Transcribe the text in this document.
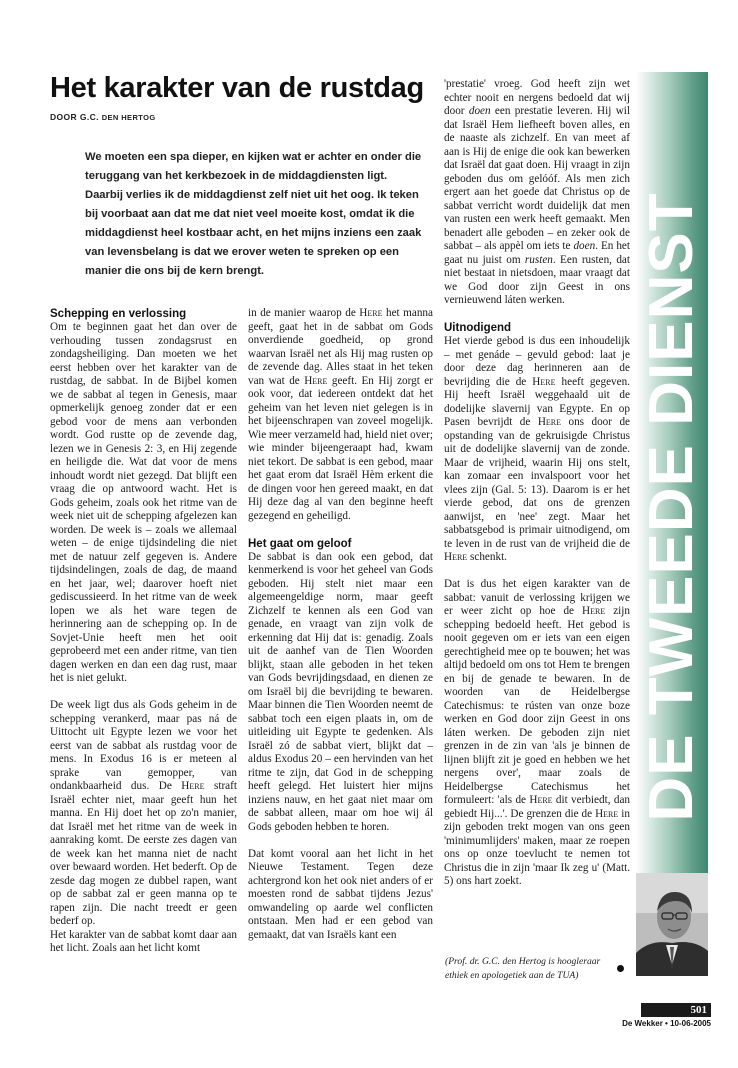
Het karakter van de rustdag
DOOR G.C. DEN HERTOG

We moeten een spa dieper, en kijken wat er achter en onder die teruggang van het kerkbezoek in de middagdiensten ligt. Daarbij verlies ik de middagdienst zelf niet uit het oog. Ik teken bij voorbaat aan dat me dat niet veel moeite kost, omdat ik die middagdienst heel kostbaar acht, en het mijns inziens een zaak van levensbelang is dat we erover weten te spreken op een manier die ons bij de kern brengt.

Schepping en verlossing

Om te beginnen gaat het dan over de verhouding tussen zondagsrust en zondagsheiliging. Dan moeten we het eerst hebben over het karakter van de rustdag, de sabbat. In de Bijbel komen we de sabbat al tegen in Genesis, maar opmerkelijk genoeg zonder dat er een gebod voor de mens aan verbonden wordt. God rustte op de zevende dag, lezen we in Genesis 2: 3, en Hij zegende en heiligde die. Wat dat voor de mens inhoudt wordt niet gezegd. Dat blijft een vraag die op antwoord wacht. Het is Gods geheim, zoals ook het ritme van de week niet uit de schepping afgelezen kan worden. De week is – zoals we allemaal weten – de enige tijdsindeling die niet met de natuur zelf gegeven is. Andere tijdsindelingen, zoals de dag, de maand en het jaar, wel; daarover hoeft niet gediscussieerd. In het ritme van de week lopen we als het ware tegen de herinnering aan de schepping op. In de Sovjet-Unie heeft men het ooit geprobeerd met een ander ritme, van tien dagen werken en dan een dag rust, maar het is niet gelukt.

De week ligt dus als Gods geheim in de schepping verankerd, maar pas ná de Uittocht uit Egypte lezen we voor het eerst van de sabbat als rustdag voor de mens. In Exodus 16 is er meteen al sprake van gemopper, van ondankbaarheid dus. De Here straft Israël echter niet, maar geeft hun het manna. En Hij doet het op zo'n manier, dat Israël met het ritme van de week in aanraking komt. De eerste zes dagen van de week kan het manna niet de nacht over bewaard worden. Het bederft. Op de zesde dag mogen ze dubbel rapen, want op de sabbat zal er geen manna op te rapen zijn. Die nacht treedt er geen bederf op.

Het karakter van de sabbat komt daar aan het licht. Zoals aan het licht komt

in de manier waarop de Here het manna geeft, gaat het in de sabbat om Gods onverdiende goedheid, op grond waarvan Israël net als Hij mag rusten op de zevende dag. Alles staat in het teken van wat de Here geeft. En Hij zorgt er ook voor, dat iedereen ontdekt dat het geheim van het leven niet gelegen is in het bijeenschrapen van zoveel mogelijk. Wie meer verzameld had, hield niet over; wie minder bijeengeraapt had, kwam niet tekort. De sabbat is een gebod, maar het gaat erom dat Israël Hèm erkent die de dingen voor hen gereed maakt, en dat Hij deze dag al van den beginne heeft gezegend en geheiligd.

Het gaat om geloof

De sabbat is dan ook een gebod, dat kenmerkend is voor het geheel van Gods geboden. Hij stelt niet maar een algemeengeldige norm, maar geeft Zichzelf te kennen als een God van genade, en vraagt van zijn volk de erkenning dat Hij dat is: genadig. Zoals uit de aanhef van de Tien Woorden blijkt, staan alle geboden in het teken van Gods bevrijdingsdaad, en dienen ze om Israël bij die bevrijding te bewaren. Maar binnen die Tien Woorden neemt de sabbat toch een eigen plaats in, om de uitleiding uit Egypte te gedenken. Als Israël zó de sabbat viert, blijkt dat – aldus Exodus 20 – een hervinden van het ritme te zijn, dat God in de schepping heeft gelegd. Het luistert hier mijns inziens nauw, en het gaat niet maar om de sabbat alleen, maar om hoe wij ál Gods geboden hebben te horen.

Dat komt vooral aan het licht in het Nieuwe Testament. Tegen deze achtergrond kon het ook niet anders of er moesten rond de sabbat tijdens Jezus' omwandeling op aarde wel conflicten ontstaan. Men had er een gebod van gemaakt, dat van Israëls kant een

'prestatie' vroeg. God heeft zijn wet echter nooit en nergens bedoeld dat wij door doen een prestatie leveren. Hij wil dat Israël Hem liefheeft boven alles, en de naaste als zichzelf. En van meet af aan is Hij de enige die ook kan bewerken dat Israël dat gaat doen. Hij vraagt in zijn geboden dus om gelóóf. Als men zich ergert aan het goede dat Christus op de sabbat verricht wordt duidelijk dat men van rusten een werk heeft gemaakt. Men benadert alle geboden – en zeker ook de sabbat – als appèl om iets te doen. En het gaat nu juist om rusten. Een rusten, dat niet bestaat in nietsdoen, maar vraagt dat we God door zijn Geest in ons vernieuwend láten werken.

Uitnodigend

Het vierde gebod is dus een inhoudelijk – met genáde – gevuld gebod: laat je door deze dag herinneren aan de bevrijding die de Here heeft gegeven. Hij heeft Israël weggehaald uit de dodelijke slavernij van Egypte. En op Pasen bevrijdt de Here ons door de opstanding van de gekruisigde Christus uit de dodelijke slavernij van de zonde. Maar de vrijheid, waarin Hij ons stelt, kan zomaar een invalspoort voor het vlees zijn (Gal. 5: 13). Daarom is er het vierde gebod, dat ons de grenzen aanwijst, en 'nee' zegt. Maar het sabbatsgebod is primair uitnodigend, om te leven in de rust van de vrijheid die de Here schenkt.

Dat is dus het eigen karakter van de sabbat: vanuit de verlossing krijgen we er weer zicht op hoe de Here zijn schepping bedoeld heeft. Het gebod is nooit gegeven om er iets van een eigen gerechtigheid mee op te bouwen; het was altijd bedoeld om ons tot Hem te brengen en bij de genade te bewaren. In de woorden van de Heidelbergse Catechismus: te rústen van onze boze werken en God door zijn Geest in ons láten werken. De geboden zijn niet grenzen in de zin van 'als je binnen de lijnen blijft zit je goed en hebben we het nergens over', maar zoals de Heidelbergse Catechismus het formuleert: 'als de Here dit verbiedt, dan gebiedt Hij...'. De grenzen die de Here in zijn geboden trekt mogen van ons geen 'minimumlijders' maken, maar ze roepen ons op onze toevlucht te nemen tot Christus die in zijn 'maar Ik zeg u' (Matt. 5) ons hart zoekt.

(Prof. dr. G.C. den Hertog is hoogleraar ethiek en apologetiek aan de TUA)

DE TWEEDE DIENST
501
De Wekker • 10-06-2005
